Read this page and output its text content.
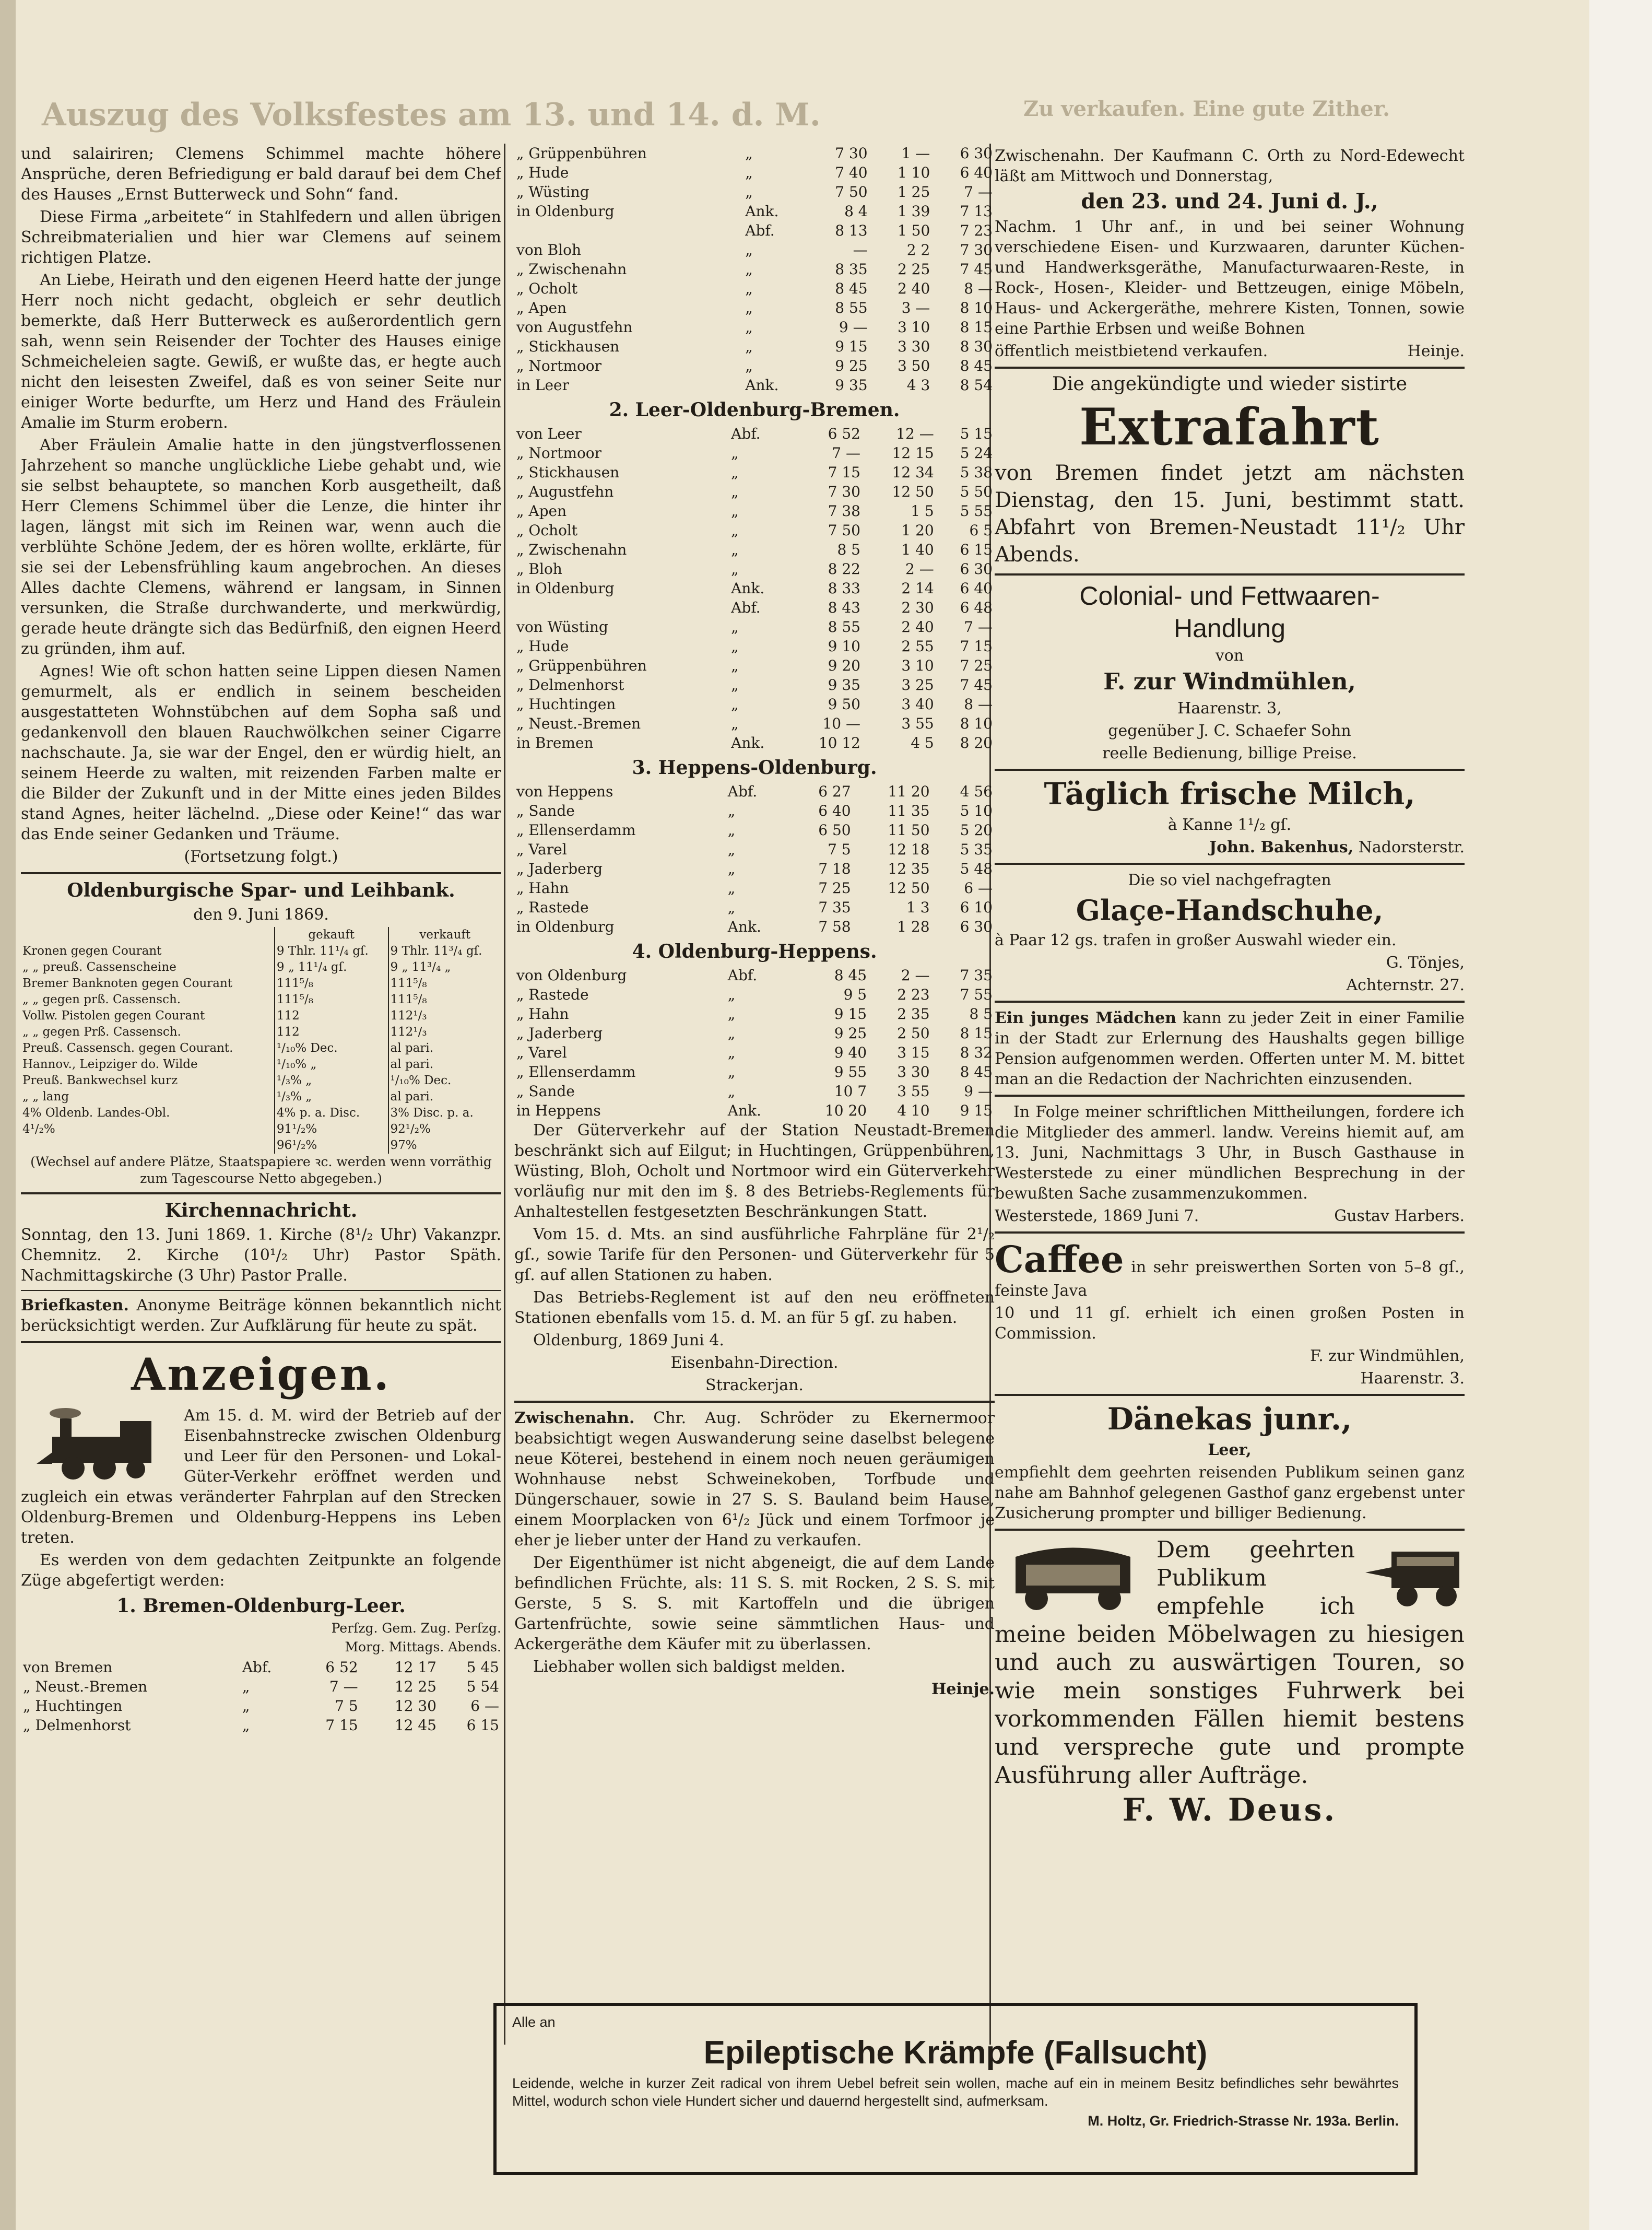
Auszug des Volksfestes am 13. und 14. d. M.	Zu verkaufen. Eine gute Zither.

und salairiren; Clemens Schimmel machte höhere Ansprüche, deren Befriedigung er bald darauf bei dem Chef des Hauses „Ernst Butterweck und Sohn“ fand.

Diese Firma „arbeitete“ in Stahlfedern und allen übrigen Schreibmaterialien und hier war Clemens auf seinem richtigen Platze.

An Liebe, Heirath und den eigenen Heerd hatte der junge Herr noch nicht gedacht, obgleich er sehr deutlich bemerkte, daß Herr Butterweck es außerordentlich gern sah, wenn sein Reisender der Tochter des Hauses einige Schmeicheleien sagte. Gewiß, er wußte das, er hegte auch nicht den leisesten Zweifel, daß es von seiner Seite nur einiger Worte bedurfte, um Herz und Hand des Fräulein Amalie im Sturm erobern.

Aber Fräulein Amalie hatte in den jüngstverflossenen Jahrzehent so manche unglückliche Liebe gehabt und, wie sie selbst behauptete, so manchen Korb ausgetheilt, daß Herr Clemens Schimmel über die Lenze, die hinter ihr lagen, längst mit sich im Reinen war, wenn auch die verblühte Schöne Jedem, der es hören wollte, erklärte, für sie sei der Lebensfrühling kaum angebrochen. An dieses Alles dachte Clemens, während er langsam, in Sinnen versunken, die Straße durchwanderte, und merkwürdig, gerade heute drängte sich das Bedürfniß, den eignen Heerd zu gründen, ihm auf.

Agnes! Wie oft schon hatten seine Lippen diesen Namen gemurmelt, als er endlich in seinem bescheiden ausgestatteten Wohnstübchen auf dem Sopha saß und gedankenvoll den blauen Rauchwölkchen seiner Cigarre nachschaute. Ja, sie war der Engel, den er würdig hielt, an seinem Heerde zu walten, mit reizenden Farben malte er die Bilder der Zukunft und in der Mitte eines jeden Bildes stand Agnes, heiter lächelnd. „Diese oder Keine!“ das war das Ende seiner Gedanken und Träume.

(Fortsetzung folgt.)

Oldenburgische Spar- und Leihbank.

den 9. Juni 1869.

	gekauft	verkauft
Kronen gegen Courant	9 Thlr. 11¹/₄ gſ.	9 Thlr. 11³/₄ gſ.
„ „ preuß. Cassenscheine	9 „ 11¹/₄ gſ.	9 „ 11³/₄ „
Bremer Banknoten gegen Courant	111⁵/₈	111⁵/₈
„ „ gegen prß. Cassensch.	111⁵/₈	111⁵/₈
Vollw. Pistolen gegen Courant	112	112¹/₃
„ „ gegen Prß. Cassensch.	112	112¹/₃
Preuß. Cassensch. gegen Courant.	¹/₁₀% Dec.	al pari.
Hannov., Leipziger do. Wilde	¹/₁₀% „	al pari.
Preuß. Bankwechsel kurz	¹/₃% „	¹/₁₀% Dec.
„ „ lang	¹/₃% „	al pari.
4% Oldenb. Landes-Obl.	4% p. a. Disc.	3% Disc. p. a.
4¹/₂%	91¹/₂%	92¹/₂%
	96¹/₂%	97%

(Wechsel auf andere Plätze, Staatspapiere ꝛc. werden wenn vorräthig zum Tagescourse Netto abgegeben.)

Kirchennachricht.

Sonntag, den 13. Juni 1869. 1. Kirche (8¹/₂ Uhr) Vakanzpr. Chemnitz. 2. Kirche (10¹/₂ Uhr) Pastor Späth. Nachmittagskirche (3 Uhr) Pastor Pralle.

Briefkasten. Anonyme Beiträge können bekanntlich nicht berücksichtigt werden. Zur Aufklärung für heute zu spät.

Anzeigen.

Am 15. d. M. wird der Betrieb auf der Eisenbahnstrecke zwischen Oldenburg und Leer für den Personen- und Lokal-Güter-Verkehr eröffnet werden und zugleich ein etwas veränderter Fahrplan auf den Strecken Oldenburg-Bremen und Oldenburg-Heppens ins Leben treten.

Es werden von dem gedachten Zeitpunkte an folgende Züge abgefertigt werden:

1. Bremen-Oldenburg-Leer.

Perſzg. Gem. Zug. Perſzg.

Morg. Mittags. Abends.

von Bremen	Abf.	6 52	12 17	5 45
„ Neust.-Bremen	„	7 —	12 25	5 54
„ Huchtingen	„	7 5	12 30	6 —
„ Delmenhorst	„	7 15	12 45	6 15
„ Grüppenbühren	„	7 30	1 —	6 30
„ Hude	„	7 40	1 10	6 40
„ Wüsting	„	7 50	1 25	7 —
in Oldenburg	Ank.	8 4	1 39	7 13
	Abf.	8 13	1 50	7 23
von Bloh	„	—	2 2	7 30
„ Zwischenahn	„	8 35	2 25	7 45
„ Ocholt	„	8 45	2 40	8 —
„ Apen	„	8 55	3 —	8 10
von Augustfehn	„	9 —	3 10	8 15
„ Stickhausen	„	9 15	3 30	8 30
„ Nortmoor	„	9 25	3 50	8 45
in Leer	Ank.	9 35	4 3	8 54
2. Leer-Oldenburg-Bremen.
von Leer	Abf.	6 52	12 —	5 15
„ Nortmoor	„	7 —	12 15	5 24
„ Stickhausen	„	7 15	12 34	5 38
„ Augustfehn	„	7 30	12 50	5 50
„ Apen	„	7 38	1 5	5 55
„ Ocholt	„	7 50	1 20	6 5
„ Zwischenahn	„	8 5	1 40	6 15
„ Bloh	„	8 22	2 —	6 30
in Oldenburg	Ank.	8 33	2 14	6 40
	Abf.	8 43	2 30	6 48
von Wüsting	„	8 55	2 40	7 —
„ Hude	„	9 10	2 55	7 15
„ Grüppenbühren	„	9 20	3 10	7 25
„ Delmenhorst	„	9 35	3 25	7 45
„ Huchtingen	„	9 50	3 40	8 —
„ Neust.-Bremen	„	10 —	3 55	8 10
in Bremen	Ank.	10 12	4 5	8 20
3. Heppens-Oldenburg.
von Heppens	Abf.	6 27	11 20	4 56
„ Sande	„	6 40	11 35	5 10
„ Ellenserdamm	„	6 50	11 50	5 20
„ Varel	„	7 5	12 18	5 35
„ Jaderberg	„	7 18	12 35	5 48
„ Hahn	„	7 25	12 50	6 —
„ Rastede	„	7 35	1 3	6 10
in Oldenburg	Ank.	7 58	1 28	6 30
4. Oldenburg-Heppens.
von Oldenburg	Abf.	8 45	2 —	7 35
„ Rastede	„	9 5	2 23	7 55
„ Hahn	„	9 15	2 35	8 5
„ Jaderberg	„	9 25	2 50	8 15
„ Varel	„	9 40	3 15	8 32
„ Ellenserdamm	„	9 55	3 30	8 45
„ Sande	„	10 7	3 55	9 —
in Heppens	Ank.	10 20	4 10	9 15

Der Güterverkehr auf der Station Neustadt-Bremen beschränkt sich auf Eilgut; in Huchtingen, Grüppenbühren, Wüsting, Bloh, Ocholt und Nortmoor wird ein Güterverkehr vorläufig nur mit den im §. 8 des Betriebs-Reglements für Anhaltestellen festgesetzten Beschränkungen Statt.

Vom 15. d. Mts. an sind ausführliche Fahrpläne für 2¹/₂ gſ., sowie Tarife für den Personen- und Güterverkehr für 5 gſ. auf allen Stationen zu haben.

Das Betriebs-Reglement ist auf den neu eröffneten Stationen ebenfalls vom 15. d. M. an für 5 gſ. zu haben.

Oldenburg, 1869 Juni 4.

Eisenbahn-Direction.

Strackerjan.

Zwischenahn. Chr. Aug. Schröder zu Ekernermoor beabsichtigt wegen Auswanderung seine daselbst belegene neue Köterei, bestehend in einem noch neuen geräumigen Wohnhause nebst Schweinekoben, Torfbude und Düngerschauer, sowie in 27 S. S. Bauland beim Hause, einem Moorplacken von 6¹/₂ Jück und einem Torfmoor je eher je lieber unter der Hand zu verkaufen.

Der Eigenthümer ist nicht abgeneigt, die auf dem Lande befindlichen Früchte, als: 11 S. S. mit Rocken, 2 S. S. mit Gerste, 5 S. S. mit Kartoffeln und die übrigen Gartenfrüchte, sowie seine sämmtlichen Haus- und Ackergeräthe dem Käufer mit zu überlassen.

Liebhaber wollen sich baldigst melden.

Heinje.

Zwischenahn. Der Kaufmann C. Orth zu Nord-Edewecht läßt am Mittwoch und Donnerstag,

den 23. und 24. Juni d. J.,

Nachm. 1 Uhr anf., in und bei seiner Wohnung verschiedene Eisen- und Kurzwaaren, darunter Küchen- und Handwerksgeräthe, Manufacturwaaren-Reste, in Rock-, Hosen-, Kleider- und Bettzeugen, einige Möbeln, Haus- und Ackergeräthe, mehrere Kisten, Tonnen, sowie eine Parthie Erbsen und weiße Bohnen

öffentlich meistbietend verkaufen.	Heinje.

Die angekündigte und wieder sistirte

Extrafahrt

von Bremen findet jetzt am nächsten Dienstag, den 15. Juni, bestimmt statt. Abfahrt von Bremen-Neustadt 11¹/₂ Uhr Abends.

Colonial- und Fettwaaren-

Handlung

von

F. zur Windmühlen,

Haarenstr. 3,

gegenüber J. C. Schaefer Sohn

reelle Bedienung, billige Preise.

Täglich frische Milch,

à Kanne 1¹/₂ gſ.

John. Bakenhus, Nadorsterstr.

Die so viel nachgefragten

Glaçe-Handschuhe,

à Paar 12 gs. trafen in großer Auswahl wieder ein.

G. Tönjes,

Achternstr. 27.

Ein junges Mädchen kann zu jeder Zeit in einer Familie in der Stadt zur Erlernung des Haushalts gegen billige Pension aufgenommen werden. Offerten unter M. M. bittet man an die Redaction der Nachrichten einzusenden.

In Folge meiner schriftlichen Mittheilungen, fordere ich die Mitglieder des ammerl. landw. Vereins hiemit auf, am 13. Juni, Nachmittags 3 Uhr, in Busch Gasthause in Westerstede zu einer mündlichen Besprechung in der bewußten Sache zusammenzukommen.

Westerstede, 1869 Juni 7.	Gustav Harbers.

Caffee in sehr preiswerthen Sorten von 5–8 gſ., feinste Java

10 und 11 gſ. erhielt ich einen großen Posten in Commission.

F. zur Windmühlen,

Haarenstr. 3.

Dänekas junr.,

Leer,

empfiehlt dem geehrten reisenden Publikum seinen ganz nahe am Bahnhof gelegenen Gasthof ganz ergebenst unter Zusicherung prompter und billiger Bedienung.

Dem geehrten Publikum empfehle ich meine beiden Möbelwagen zu hiesigen und auch zu auswärtigen Touren, so wie mein sonstiges Fuhrwerk bei vorkommenden Fällen hiemit bestens und verspreche gute und prompte Ausführung aller Aufträge.

F. W. Deus.

Alle an

Epileptische Krämpfe (Fallsucht)

Leidende, welche in kurzer Zeit radical von ihrem Uebel befreit sein wollen, mache auf ein in meinem Besitz befindliches sehr bewährtes Mittel, wodurch schon viele Hundert sicher und dauernd hergestellt sind, aufmerksam.

M. Holtz, Gr. Friedrich-Strasse Nr. 193a. Berlin.
